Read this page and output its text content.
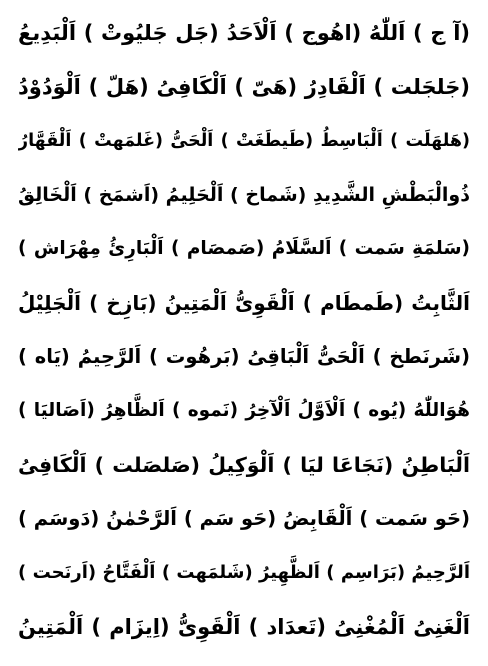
(آ ج ) اَللّٰهُ (اهُوج ) اَلْاَحَدُ (جَل جَليُوتْ ) اَلْبَدِيعُ
(جَلجَلت ) اَلْقَادِرُ (هَىّ ) اَلْكَافِىُ (هَلّ ) اَلْوَدُوْدُ
(هَلهَلَت ) اَلْبَاسِطُ (طَيطَغَتْ ) اَلْحَىُّ (غَلمَهتْ ) اَلْقَهَّارُ
ذُوالْبَطْشِ الشَّدِيدِ (شَماخ ) اَلْحَلِيمُ (اَشمَخ ) اَلْخَالِقُ
(سَلمَةِ سَمت ) اَلسَّلَامُ (صَمصَام ) اَلْبَارِئُ مِهْرَاش )
اَلثَّابِتُ (طَمطَام ) اَلْقَوِىُّ اَلْمَتِينُ (بَازِخ ) اَلْجَلِيْلُ
(شَرنَطخ ) اَلْحَىُّ اَلْبَاقِىُ (بَرهُوت ) اَلرَّحِيمُ (يَاه )
هُوَاللّٰهُ (يُوه ) اَلْاَوَّلُ اَلْآخِرُ (نَموه ) اَلظَّاهِرُ (اَصَاليَا )
اَلْبَاطِنُ (نَجَاعَا ليَا ) اَلْوَكِيلُ (صَلصَلت ) اَلْكَافِىُ
(حَو سَمت ) اَلْقَابِضُ (حَو سَم ) اَلرَّحْمٰنُ (دَوسَم )
اَلرَّحِيمُ (بَرَاسِم ) اَلظَّهِيرُ (شَلمَهت ) اَلْفَتَّاحُ (اَرنَحت )
اَلْغَنِىُ اَلْمُغْنِىُ (تَعدَاد ) اَلْقَوِىُّ (اِيزَام ) اَلْمَتِينُ
